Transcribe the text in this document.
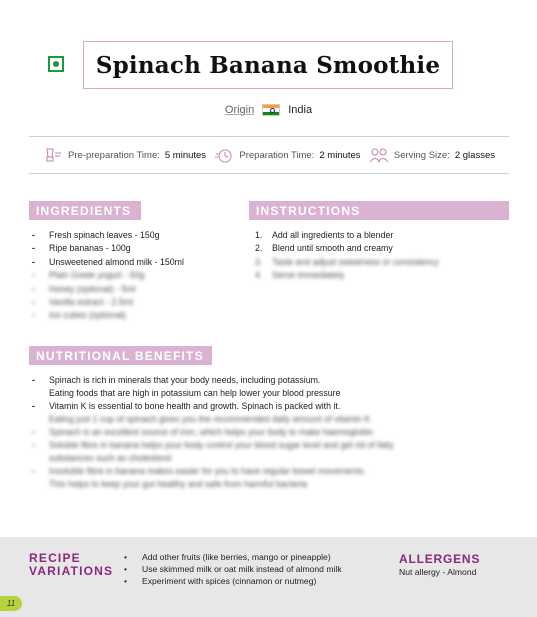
Spinach Banana Smoothie
Origin	India
Pre-preparation Time: 5 minutes	Preparation Time: 2 minutes	Serving Size: 2 glasses
INGREDIENTS
- Fresh spinach leaves - 150g
- Ripe bananas - 100g
- Unsweetened almond milk - 150ml
- Plain Greek yogurt - 50g
- Honey (optional) - 5ml
- Vanilla extract - 2.5ml
- Ice cubes (optional)
INSTRUCTIONS
1. Add all ingredients to a blender
2. Blend until smooth and creamy
3. Taste and adjust sweetness or consistency
4. Serve immediately
NUTRITIONAL BENEFITS
- Spinach is rich in minerals that your body needs, including potassium.
Eating foods that are high in potassium can help lower your blood pressure
- Vitamin K is essential to bone health and growth. Spinach is packed with it.
Eating just 1 cup of spinach gives you the recommended daily amount of vitamin K
- Spinach is an excellent source of iron, which helps your body to make haemoglobin
- Soluble fibre in banana helps your body control your blood sugar level and get rid of fatty
substances such as cholesterol
- Insoluble fibre in banana makes easier for you to have regular bowel movements.
This helps to keep your gut healthy and safe from harmful bacteria
RECIPE
VARIATIONS
• Add other fruits (like berries, mango or pineapple)
• Use skimmed milk or oat milk instead of almond milk
• Experiment with spices (cinnamon or nutmeg)
ALLERGENS
Nut allergy - Almond
11
